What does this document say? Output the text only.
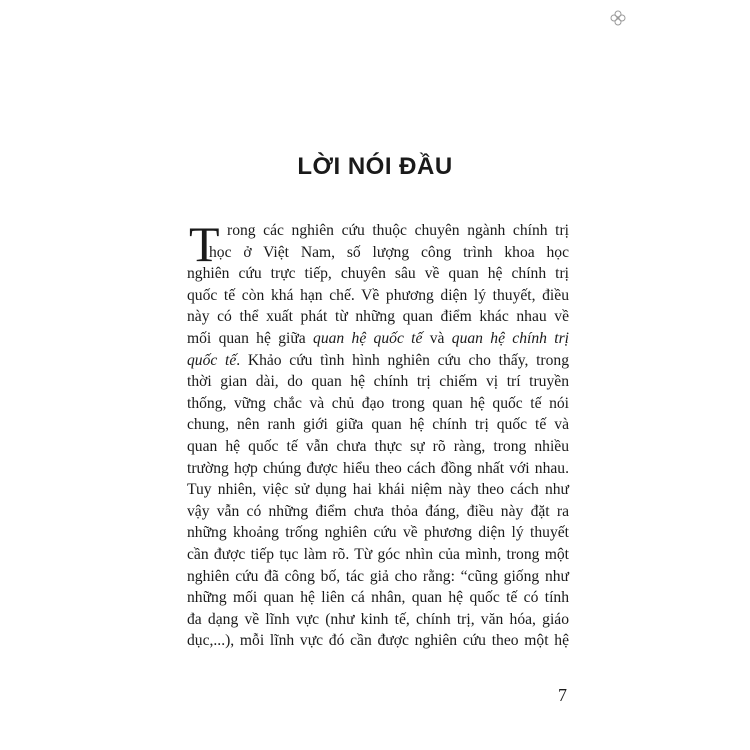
LỜI NÓI ĐẦU
T rong các nghiên cứu thuộc chuyên ngành chính trị
học ở Việt Nam, số lượng công trình khoa học
nghiên cứu trực tiếp, chuyên sâu về quan hệ chính trị
quốc tế còn khá hạn chế. Về phương diện lý thuyết, điều
này có thể xuất phát từ những quan điểm khác nhau về
mối quan hệ giữa quan hệ quốc tế và quan hệ chính trị
quốc tế. Khảo cứu tình hình nghiên cứu cho thấy, trong
thời gian dài, do quan hệ chính trị chiếm vị trí truyền
thống, vững chắc và chủ đạo trong quan hệ quốc tế nói
chung, nên ranh giới giữa quan hệ chính trị quốc tế và
quan hệ quốc tế vẫn chưa thực sự rõ ràng, trong nhiều
trường hợp chúng được hiểu theo cách đồng nhất với nhau.
Tuy nhiên, việc sử dụng hai khái niệm này theo cách như
vậy vẫn có những điểm chưa thỏa đáng, điều này đặt ra
những khoảng trống nghiên cứu về phương diện lý thuyết
cần được tiếp tục làm rõ. Từ góc nhìn của mình, trong một
nghiên cứu đã công bố, tác giả cho rằng: “cũng giống như
những mối quan hệ liên cá nhân, quan hệ quốc tế có tính
đa dạng về lĩnh vực (như kinh tế, chính trị, văn hóa, giáo
dục,...), mỗi lĩnh vực đó cần được nghiên cứu theo một hệ
7
